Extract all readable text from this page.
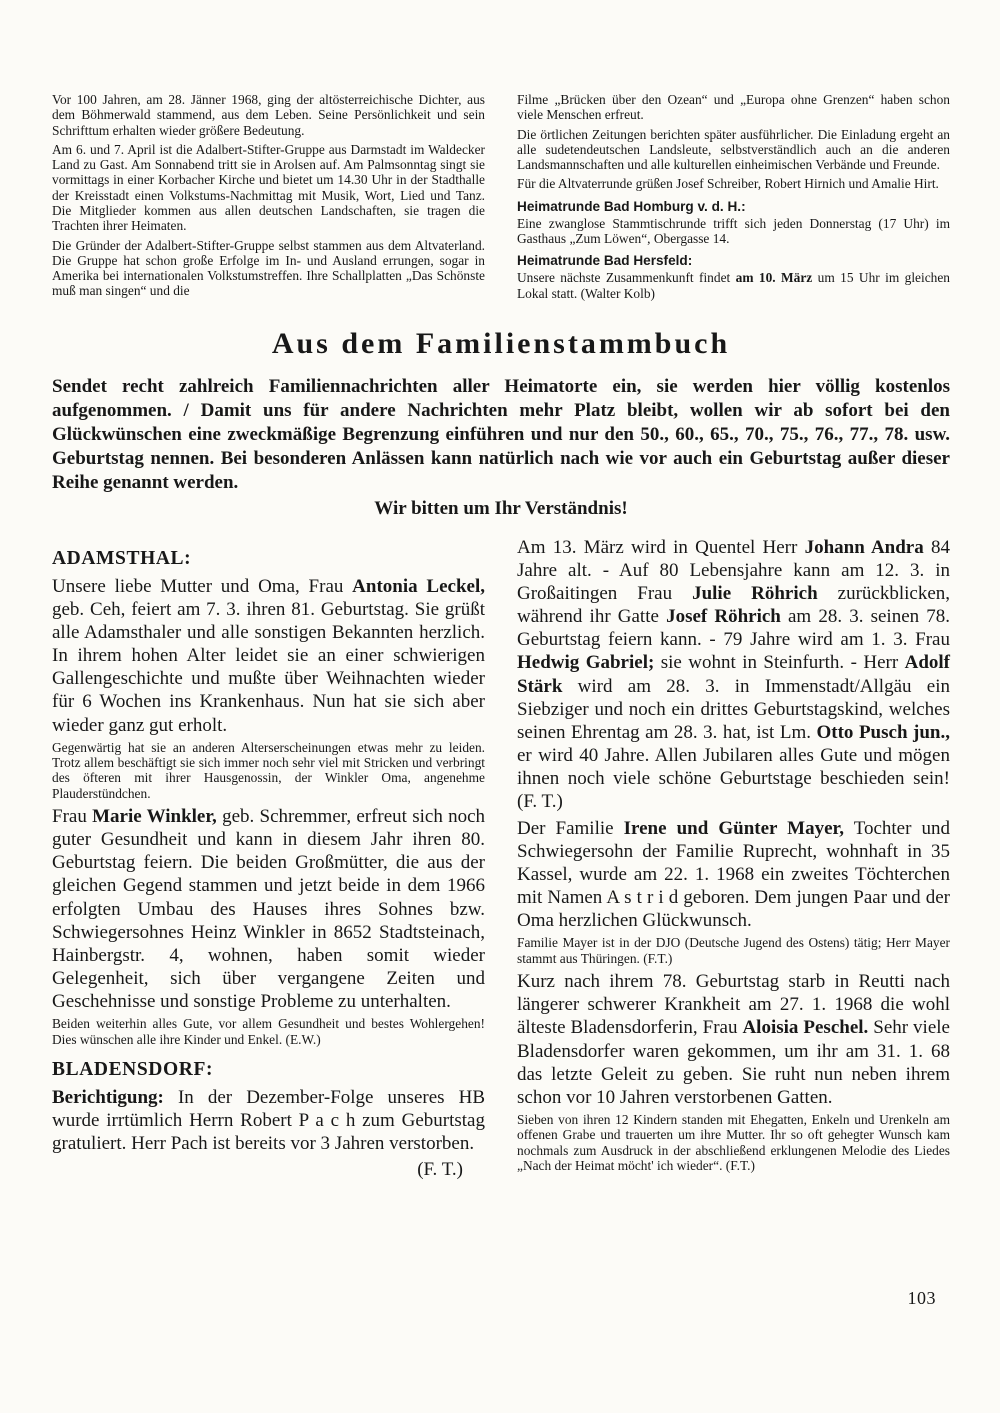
Vor 100 Jahren, am 28. Jänner 1968, ging der altösterreichische Dichter, aus dem Böhmerwald stammend, aus dem Leben. Seine Persönlichkeit und sein Schrifttum erhalten wieder größere Bedeutung.

Am 6. und 7. April ist die Adalbert-Stifter-Gruppe aus Darmstadt im Waldecker Land zu Gast. Am Sonnabend tritt sie in Arolsen auf. Am Palmsonntag singt sie vormittags in einer Korbacher Kirche und bietet um 14.30 Uhr in der Stadthalle der Kreisstadt einen Volkstums-Nachmittag mit Musik, Wort, Lied und Tanz. Die Mitglieder kommen aus allen deutschen Landschaften, sie tragen die Trachten ihrer Heimaten.

Die Gründer der Adalbert-Stifter-Gruppe selbst stammen aus dem Altvaterland. Die Gruppe hat schon große Erfolge im In- und Ausland errungen, sogar in Amerika bei internationalen Volkstumstreffen. Ihre Schallplatten „Das Schönste muß man singen“ und die

Filme „Brücken über den Ozean“ und „Europa ohne Grenzen“ haben schon viele Menschen erfreut.

Die örtlichen Zeitungen berichten später ausführlicher. Die Einladung ergeht an alle sudetendeutschen Landsleute, selbstverständlich auch an die anderen Landsmannschaften und alle kulturellen einheimischen Verbände und Freunde.

Für die Altvaterrunde grüßen Josef Schreiber, Robert Hirnich und Amalie Hirt.

Heimatrunde Bad Homburg v. d. H.:

Eine zwanglose Stammtischrunde trifft sich jeden Donnerstag (17 Uhr) im Gasthaus „Zum Löwen“, Obergasse 14.

Heimatrunde Bad Hersfeld:

Unsere nächste Zusammenkunft findet am 10. März um 15 Uhr im gleichen Lokal statt. (Walter Kolb)

Aus dem Familienstammbuch

Sendet recht zahlreich Familiennachrichten aller Heimatorte ein, sie werden hier völlig kostenlos aufgenommen. / Damit uns für andere Nachrichten mehr Platz bleibt, wollen wir ab sofort bei den Glückwünschen eine zweckmäßige Begrenzung einführen und nur den 50., 60., 65., 70., 75., 76., 77., 78. usw. Geburtstag nennen. Bei besonderen Anlässen kann natürlich nach wie vor auch ein Geburtstag außer dieser Reihe genannt werden.

Wir bitten um Ihr Verständnis!

ADAMSTHAL:

Unsere liebe Mutter und Oma, Frau Antonia Leckel, geb. Ceh, feiert am 7. 3. ihren 81. Geburtstag. Sie grüßt alle Adamsthaler und alle sonstigen Bekannten herzlich. In ihrem hohen Alter leidet sie an einer schwierigen Gallengeschichte und mußte über Weihnachten wieder für 6 Wochen ins Krankenhaus. Nun hat sie sich aber wieder ganz gut erholt.

Gegenwärtig hat sie an anderen Alterserscheinungen etwas mehr zu leiden. Trotz allem beschäftigt sie sich immer noch sehr viel mit Stricken und verbringt des öfteren mit ihrer Hausgenossin, der Winkler Oma, angenehme Plauderstündchen.

Frau Marie Winkler, geb. Schremmer, erfreut sich noch guter Gesundheit und kann in diesem Jahr ihren 80. Geburtstag feiern. Die beiden Großmütter, die aus der gleichen Gegend stammen und jetzt beide in dem 1966 erfolgten Umbau des Hauses ihres Sohnes bzw. Schwiegersohnes Heinz Winkler in 8652 Stadtsteinach, Hainbergstr. 4, wohnen, haben somit wieder Gelegenheit, sich über vergangene Zeiten und Geschehnisse und sonstige Probleme zu unterhalten.

Beiden weiterhin alles Gute, vor allem Gesundheit und bestes Wohlergehen! Dies wünschen alle ihre Kinder und Enkel. (E.W.)

BLADENSDORF:

Berichtigung: In der Dezember-Folge unseres HB wurde irrtümlich Herrn Robert P a c h zum Geburtstag gratuliert. Herr Pach ist bereits vor 3 Jahren verstorben.

(F. T.)

Am 13. März wird in Quentel Herr Johann Andra 84 Jahre alt. - Auf 80 Lebensjahre kann am 12. 3. in Großaitingen Frau Julie Röhrich zurückblicken, während ihr Gatte Josef Röhrich am 28. 3. seinen 78. Geburtstag feiern kann. - 79 Jahre wird am 1. 3. Frau Hedwig Gabriel; sie wohnt in Steinfurth. - Herr Adolf Stärk wird am 28. 3. in Immenstadt/Allgäu ein Siebziger und noch ein drittes Geburtstagskind, welches seinen Ehrentag am 28. 3. hat, ist Lm. Otto Pusch jun., er wird 40 Jahre. Allen Jubilaren alles Gute und mögen ihnen noch viele schöne Geburtstage beschieden sein! (F. T.)

Der Familie Irene und Günter Mayer, Tochter und Schwiegersohn der Familie Ruprecht, wohnhaft in 35 Kassel, wurde am 22. 1. 1968 ein zweites Töchterchen mit Namen A s t r i d geboren. Dem jungen Paar und der Oma herzlichen Glückwunsch.

Familie Mayer ist in der DJO (Deutsche Jugend des Ostens) tätig; Herr Mayer stammt aus Thüringen. (F.T.)

Kurz nach ihrem 78. Geburtstag starb in Reutti nach längerer schwerer Krankheit am 27. 1. 1968 die wohl älteste Bladensdorferin, Frau Aloisia Peschel. Sehr viele Bladensdorfer waren gekommen, um ihr am 31. 1. 68 das letzte Geleit zu geben. Sie ruht nun neben ihrem schon vor 10 Jahren verstorbenen Gatten.

Sieben von ihren 12 Kindern standen mit Ehegatten, Enkeln und Urenkeln am offenen Grabe und trauerten um ihre Mutter. Ihr so oft gehegter Wunsch kam nochmals zum Ausdruck in der abschließend erklungenen Melodie des Liedes „Nach der Heimat möcht' ich wieder“. (F.T.)

103
